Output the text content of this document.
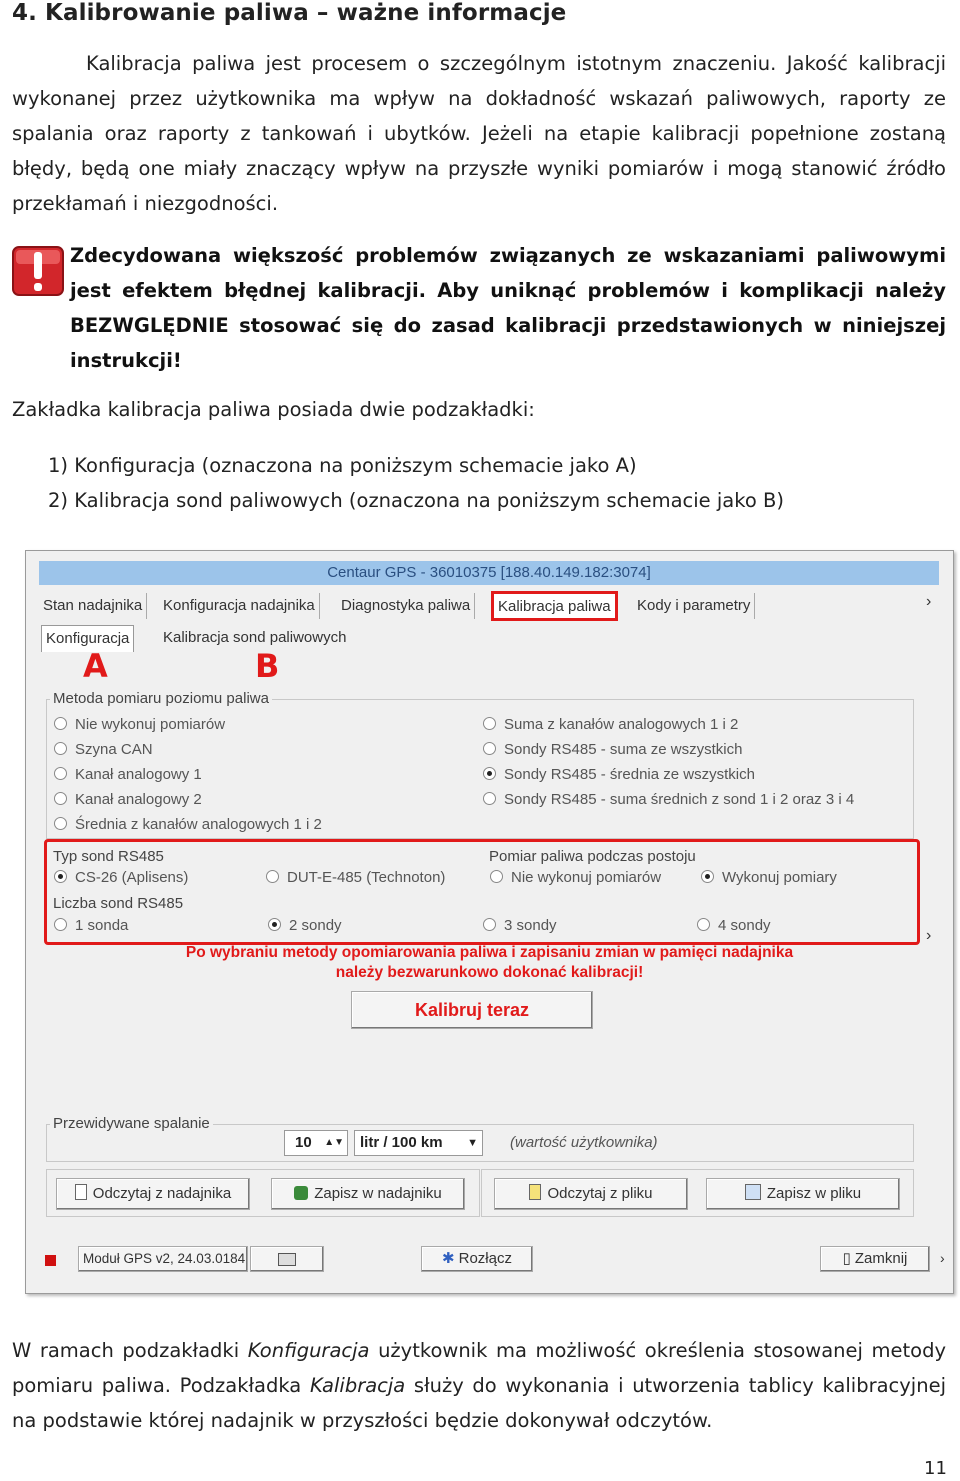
4. Kalibrowanie paliwa – ważne informacje

Kalibracja paliwa jest procesem o szczególnym istotnym znaczeniu. Jakość kalibracji wykonanej przez użytkownika ma wpływ na dokładność wskazań paliwowych, raporty ze spalania oraz raporty z tankowań i ubytków. Jeżeli na etapie kalibracji popełnione zostaną błędy, będą one miały znaczący wpływ na przyszłe wyniki pomiarów i mogą stanowić źródło przekłamań i niezgodności.

Zdecydowana większość problemów związanych ze wskazaniami paliwowymi jest efektem błędnej kalibracji. Aby uniknąć problemów i komplikacji należy BEZWGLĘDNIE stosować się do zasad kalibracji przedstawionych w niniejszej instrukcji!

Zakładka kalibracja paliwa posiada dwie podzakładki:

1) Konfiguracja (oznaczona na poniższym schemacie jako A)
2) Kalibracja sond paliwowych (oznaczona na poniższym schemacie jako B)
Centaur GPS - 36010375 [188.40.149.182:3074]
Stan nadajnika	Konfiguracja nadajnika	Diagnostyka paliwa	Kalibracja paliwa	Kody i parametry	›
Konfiguracja	Kalibracja sond paliwowych
A	B
Metoda pomiaru poziomu paliwa
Nie wykonuj pomiarów
Szyna CAN
Kanał analogowy 1
Kanał analogowy 2
Średnia z kanałów analogowych 1 i 2
Suma z kanałów analogowych 1 i 2
Sondy RS485 - suma ze wszystkich
Sondy RS485 - średnia ze wszystkich
Sondy RS485 - suma średnich z sond 1 i 2 oraz 3 i 4
Typ sond RS485
CS-26 (Aplisens)	DUT-E-485 (Technoton)
Pomiar paliwa podczas postoju
Nie wykonuj pomiarów	Wykonuj pomiary
Liczba sond RS485
1 sonda	2 sondy	3 sondy	4 sondy
›
Po wybraniu metody opomiarowania paliwa i zapisaniu zmian w pamięci nadajnika
należy bezwarunkowo dokonać kalibracji!
Kalibruj teraz
Przewidywane spalanie
10 ▲▼	litr / 100 km ▼ (wartość użytkownika)
Odczytaj z nadajnika	Zapisz w nadajniku	Odczytaj z pliku	Zapisz w pliku
Moduł GPS v2, 24.03.0184	✱ Rozłącz	▯ Zamknij	›

W ramach podzakładki Konfiguracja użytkownik ma możliwość określenia stosowanej metody pomiaru paliwa. Podzakładka Kalibracja służy do wykonania i utworzenia tablicy kalibracyjnej na podstawie której nadajnik w przyszłości będzie dokonywał odczytów.

11
